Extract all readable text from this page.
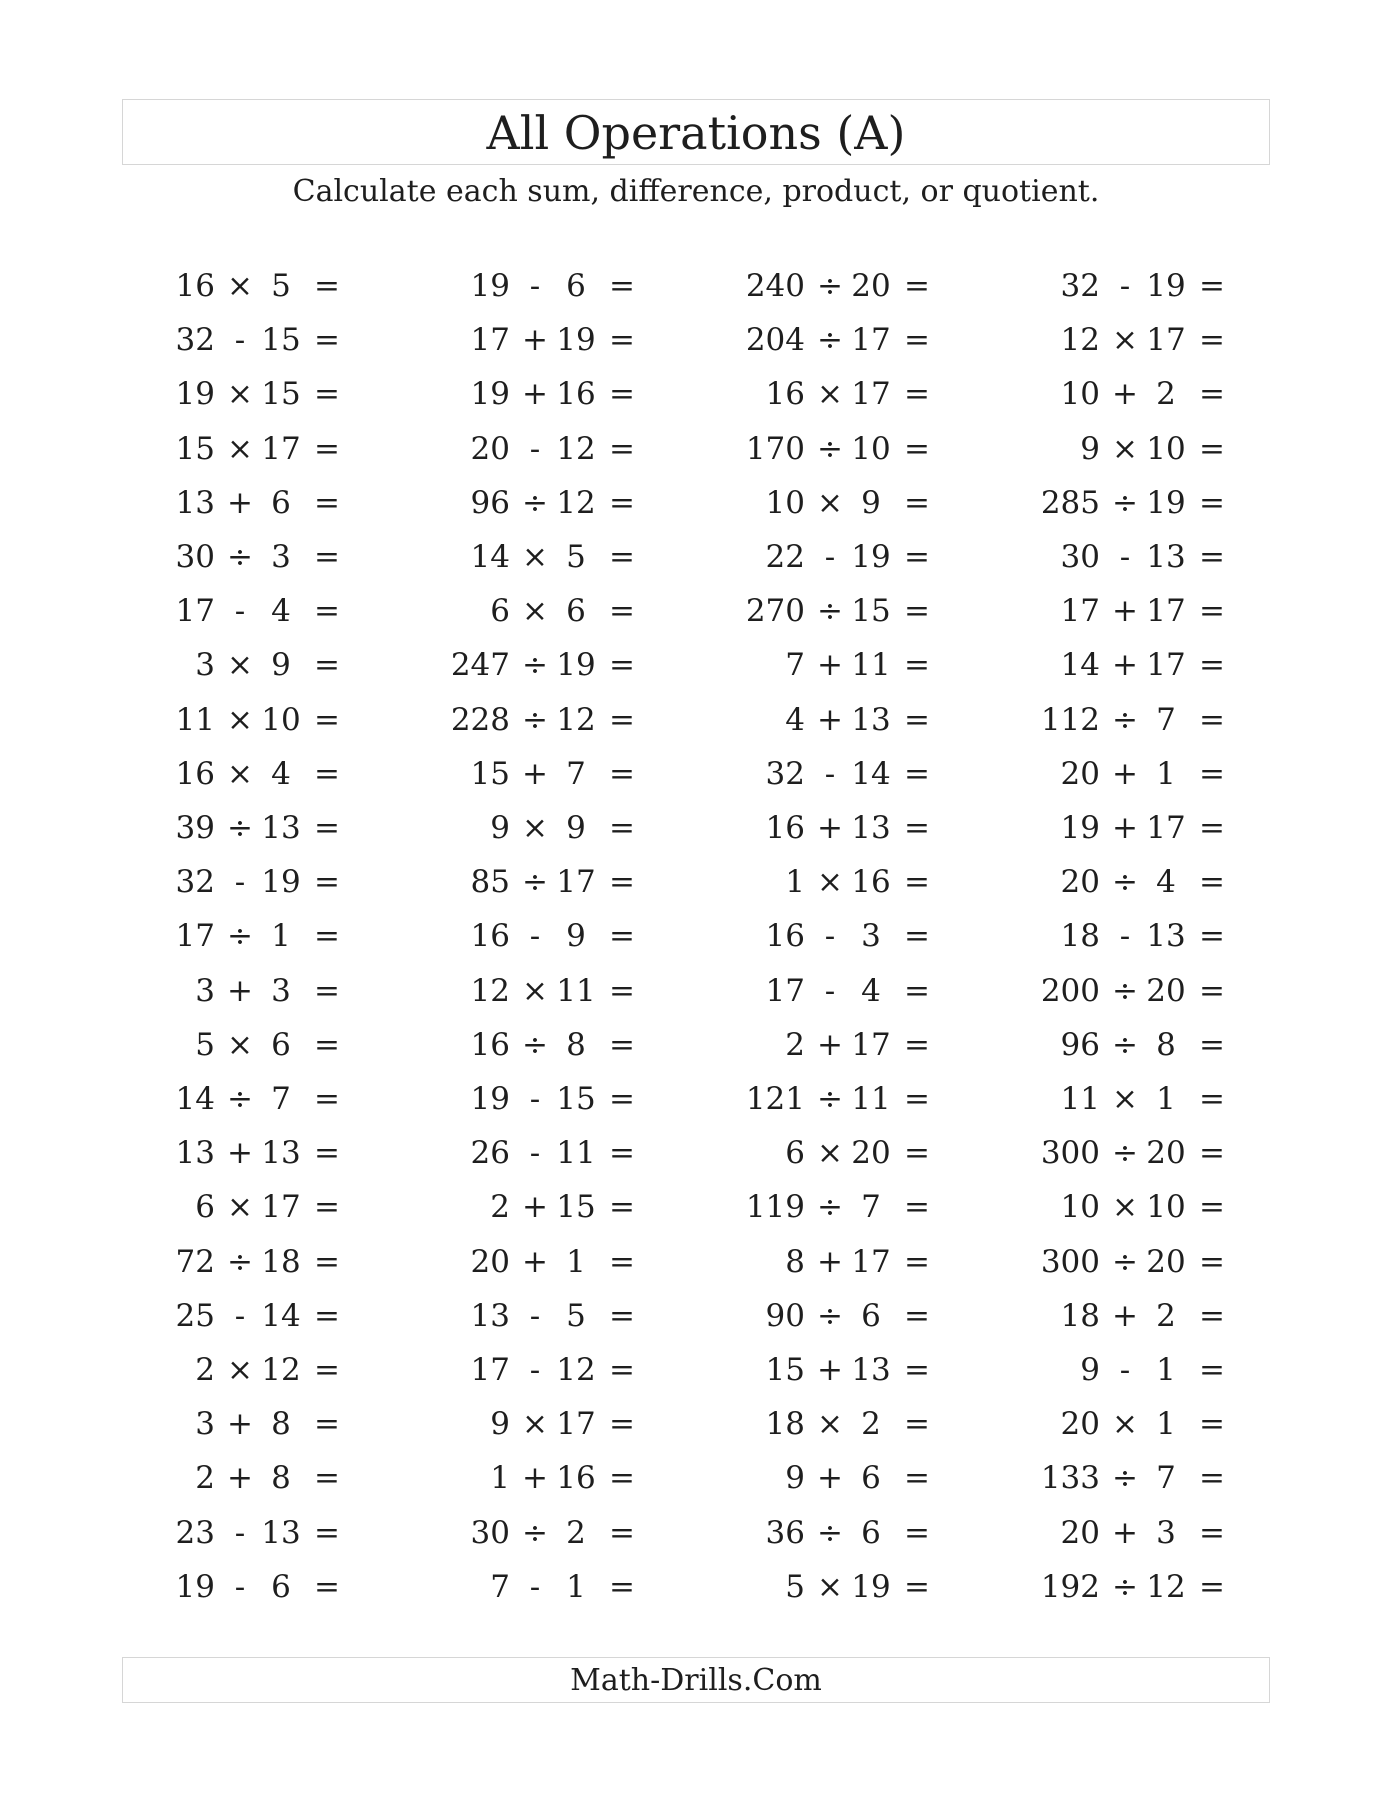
All Operations (A)
Calculate each sum, difference, product, or quotient.
16 × 5 =
32 - 15 =
19 × 15 =
15 × 17 =
13 + 6 =
30 ÷ 3 =
17 - 4 =
3 × 9 =
11 × 10 =
16 × 4 =
39 ÷ 13 =
32 - 19 =
17 ÷ 1 =
3 + 3 =
5 × 6 =
14 ÷ 7 =
13 + 13 =
6 × 17 =
72 ÷ 18 =
25 - 14 =
2 × 12 =
3 + 8 =
2 + 8 =
23 - 13 =
19 - 6 =
19 - 6 =
17 + 19 =
19 + 16 =
20 - 12 =
96 ÷ 12 =
14 × 5 =
6 × 6 =
247 ÷ 19 =
228 ÷ 12 =
15 + 7 =
9 × 9 =
85 ÷ 17 =
16 - 9 =
12 × 11 =
16 ÷ 8 =
19 - 15 =
26 - 11 =
2 + 15 =
20 + 1 =
13 - 5 =
17 - 12 =
9 × 17 =
1 + 16 =
30 ÷ 2 =
7 - 1 =
240 ÷ 20 =
204 ÷ 17 =
16 × 17 =
170 ÷ 10 =
10 × 9 =
22 - 19 =
270 ÷ 15 =
7 + 11 =
4 + 13 =
32 - 14 =
16 + 13 =
1 × 16 =
16 - 3 =
17 - 4 =
2 + 17 =
121 ÷ 11 =
6 × 20 =
119 ÷ 7 =
8 + 17 =
90 ÷ 6 =
15 + 13 =
18 × 2 =
9 + 6 =
36 ÷ 6 =
5 × 19 =
32 - 19 =
12 × 17 =
10 + 2 =
9 × 10 =
285 ÷ 19 =
30 - 13 =
17 + 17 =
14 + 17 =
112 ÷ 7 =
20 + 1 =
19 + 17 =
20 ÷ 4 =
18 - 13 =
200 ÷ 20 =
96 ÷ 8 =
11 × 1 =
300 ÷ 20 =
10 × 10 =
300 ÷ 20 =
18 + 2 =
9 - 1 =
20 × 1 =
133 ÷ 7 =
20 + 3 =
192 ÷ 12 =
Math-Drills.Com
